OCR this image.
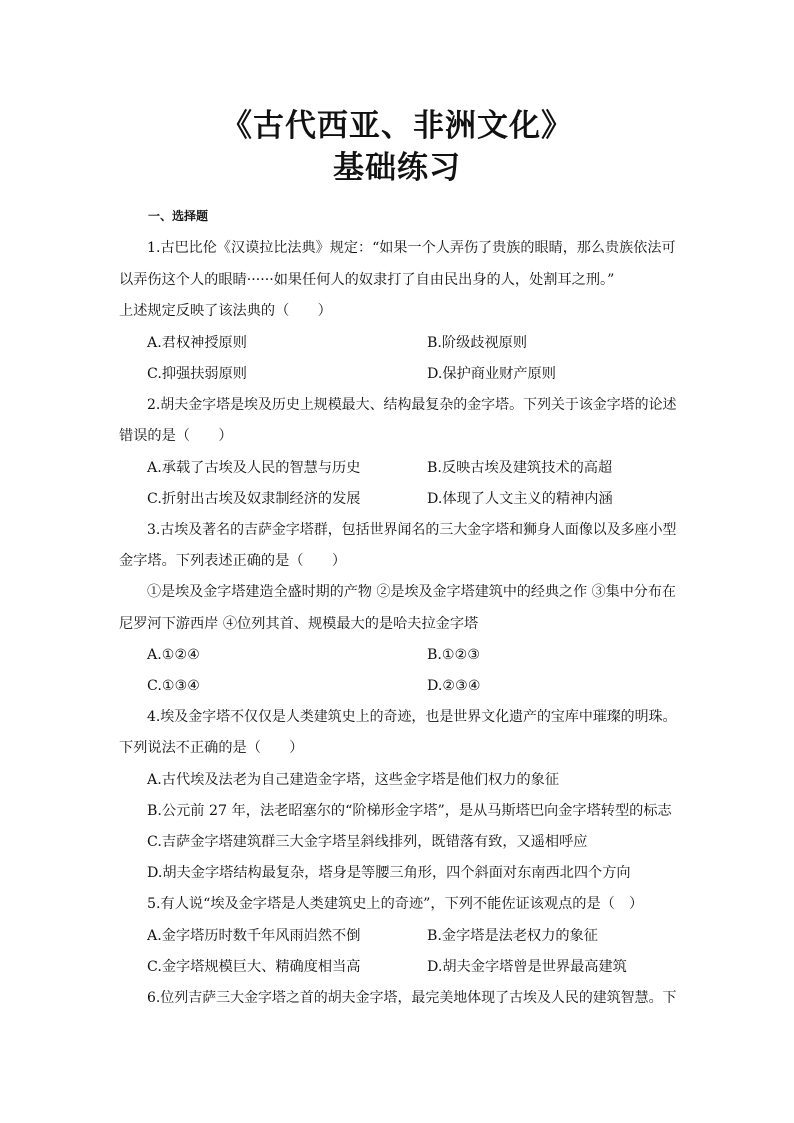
《古代西亚、非洲文化》
基础练习
一、选择题
1.古巴比伦《汉谟拉比法典》规定：“如果一个人弄伤了贵族的眼睛，那么贵族依法可
以弄伤这个人的眼睛······如果任何人的奴隶打了自由民出身的人，处割耳之刑。”
上述规定反映了该法典的（　　）
A.君权神授原则	B.阶级歧视原则
C.抑强扶弱原则	D.保护商业财产原则
2.胡夫金字塔是埃及历史上规模最大、结构最复杂的金字塔。下列关于该金字塔的论述
错误的是（　　）
A.承载了古埃及人民的智慧与历史	B.反映古埃及建筑技术的高超
C.折射出古埃及奴隶制经济的发展	D.体现了人文主义的精神内涵
3.古埃及著名的吉萨金字塔群，包括世界闻名的三大金字塔和狮身人面像以及多座小型
金字塔。下列表述正确的是（　　）
①是埃及金字塔建造全盛时期的产物 ②是埃及金字塔建筑中的经典之作 ③集中分布在
尼罗河下游西岸 ④位列其首、规模最大的是哈夫拉金字塔
A.①②④	B.①②③
C.①③④	D.②③④
4.埃及金字塔不仅仅是人类建筑史上的奇迹，也是世界文化遗产的宝库中璀璨的明珠。
下列说法不正确的是（　　）
A.古代埃及法老为自己建造金字塔，这些金字塔是他们权力的象征
B.公元前 27 年，法老昭塞尔的“阶梯形金字塔”，是从马斯塔巴向金字塔转型的标志
C.吉萨金字塔建筑群三大金字塔呈斜线排列，既错落有致，又遥相呼应
D.胡夫金字塔结构最复杂，塔身是等腰三角形，四个斜面对东南西北四个方向
5.有人说“埃及金字塔是人类建筑史上的奇迹”，下列不能佐证该观点的是（　）
A.金字塔历时数千年风雨岿然不倒	B.金字塔是法老权力的象征
C.金字塔规模巨大、精确度相当高	D.胡夫金字塔曾是世界最高建筑
6.位列吉萨三大金字塔之首的胡夫金字塔，最完美地体现了古埃及人民的建筑智慧。下
